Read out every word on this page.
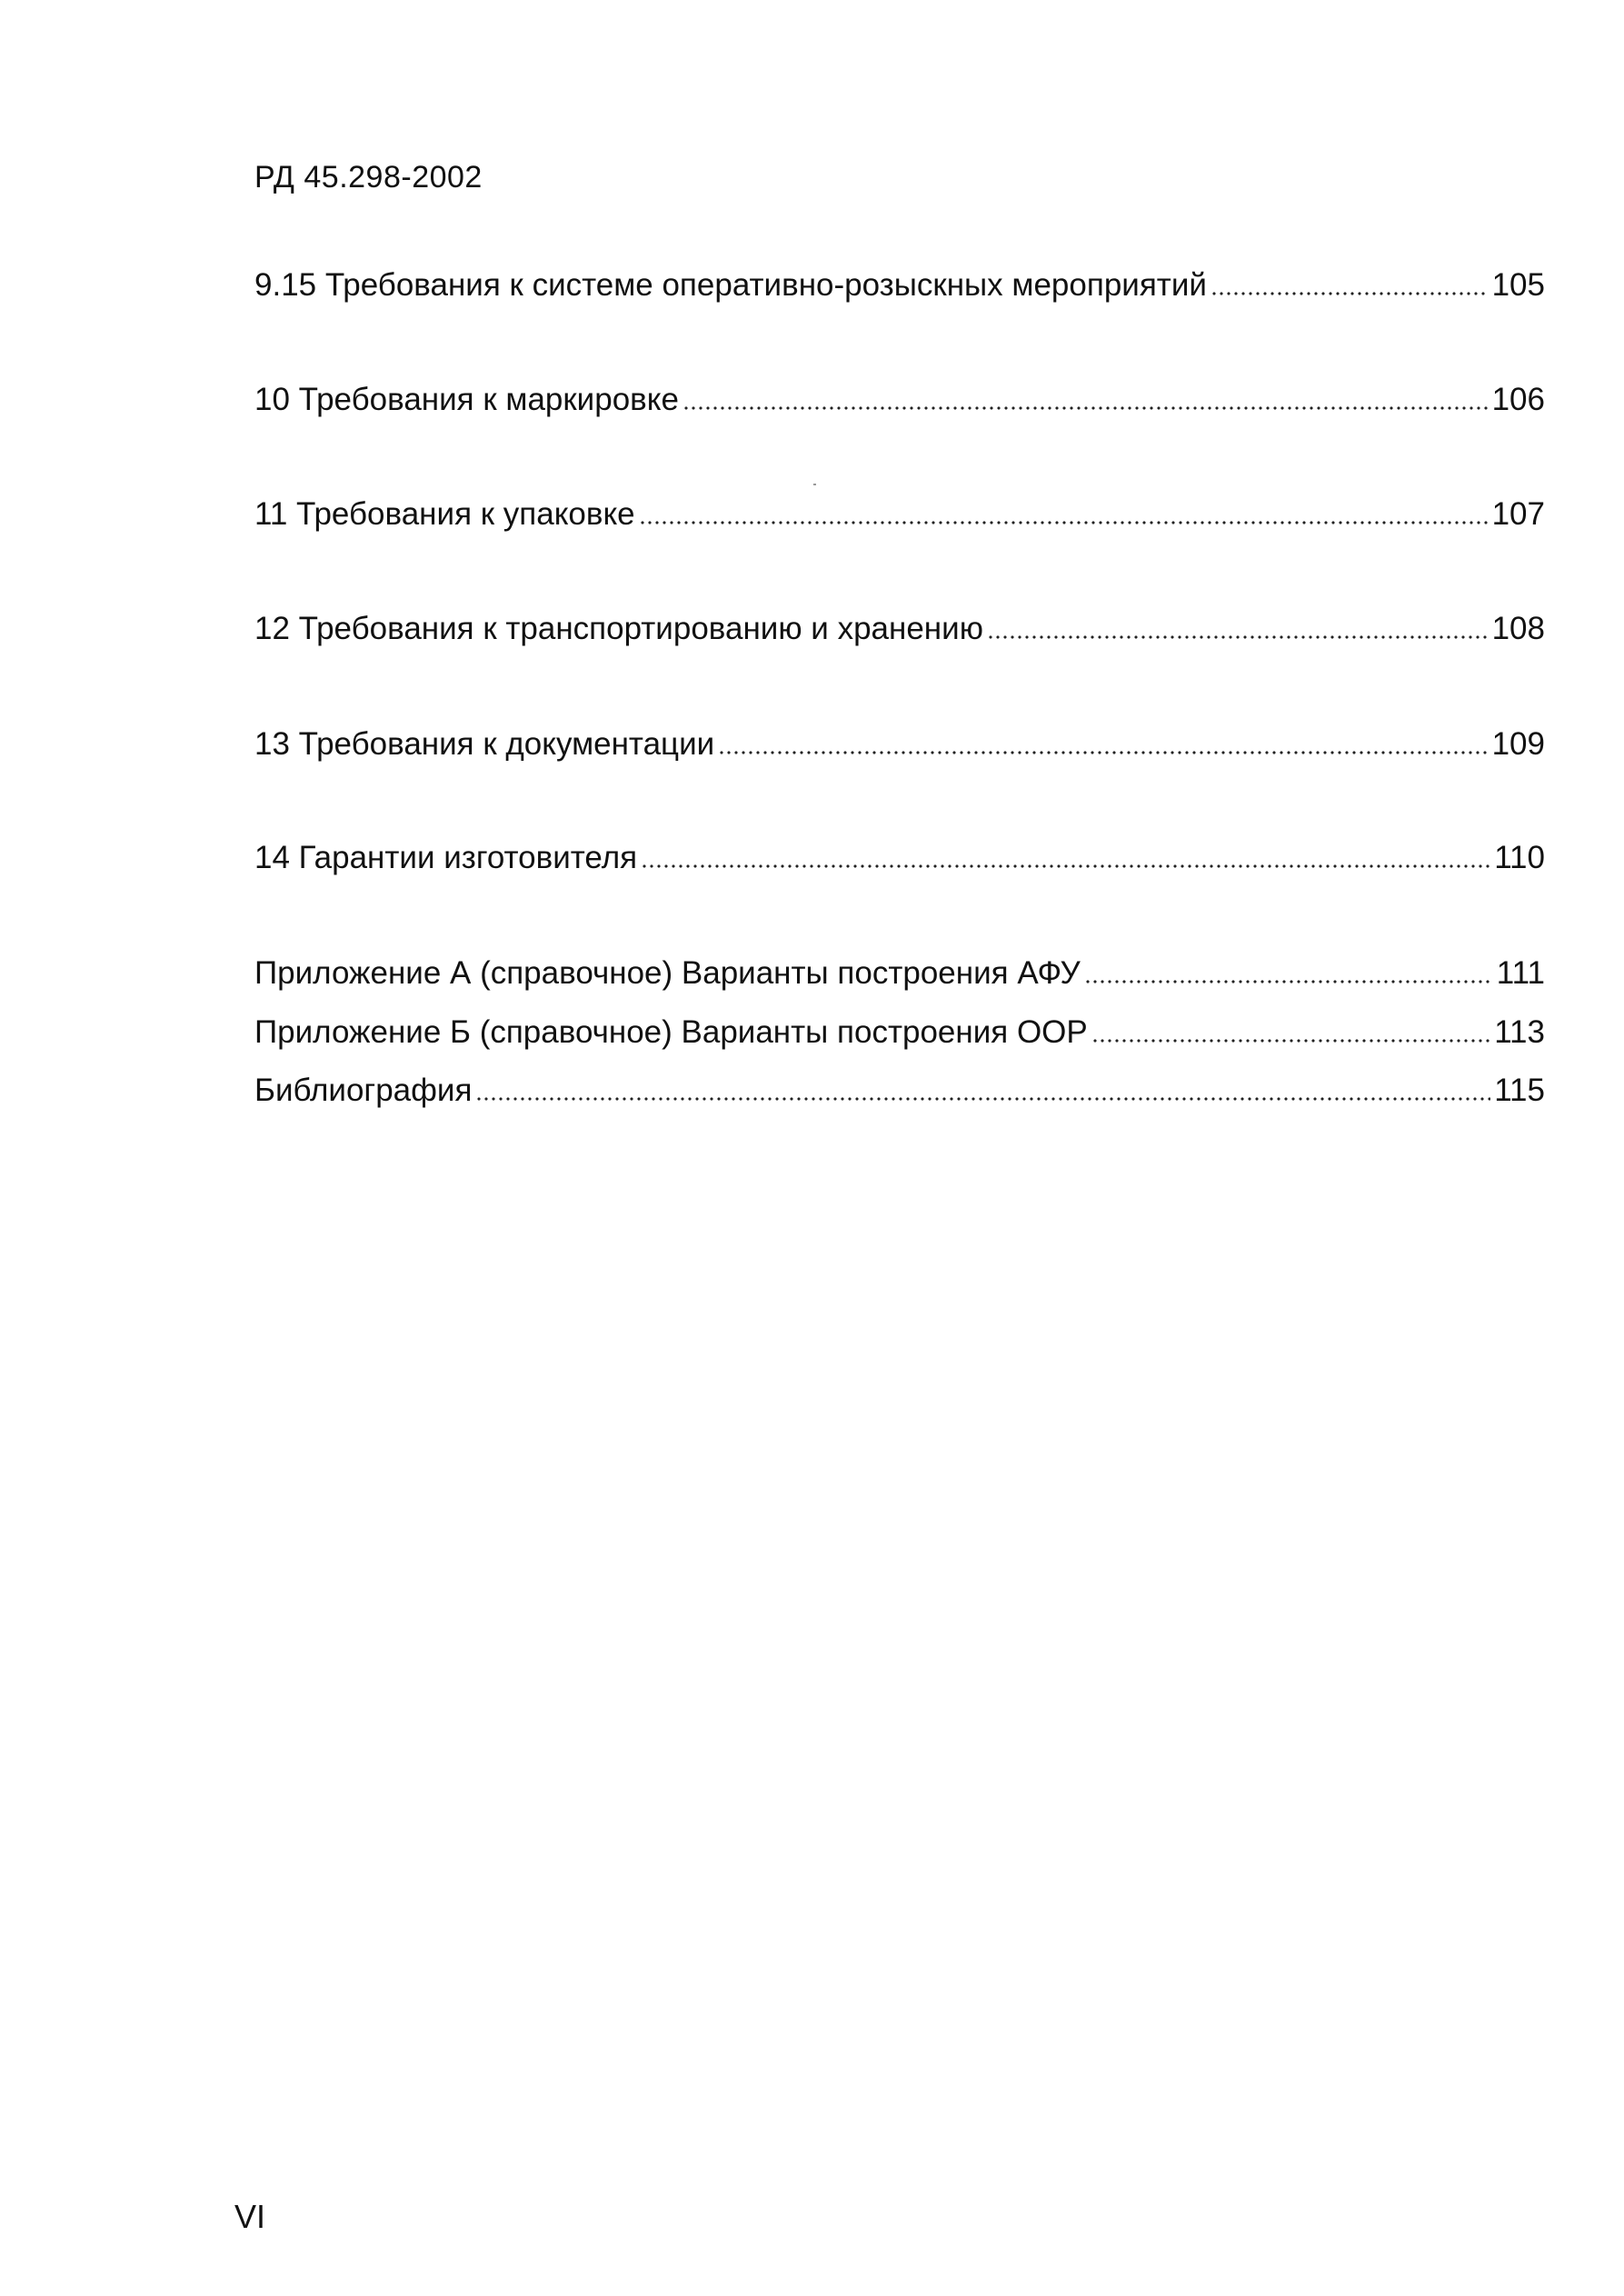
РД 45.298-2002
9.15 Требования к системе оперативно-розыскных мероприятий	105
10 Требования к маркировке	106
11 Требования к упаковке	107
12 Требования к транспортированию и хранению	108
13 Требования к документации	109
14 Гарантии изготовителя	110
Приложение А (справочное) Варианты построения АФУ	111
Приложение Б (справочное) Варианты построения ООР	113
Библиография	115
VI
